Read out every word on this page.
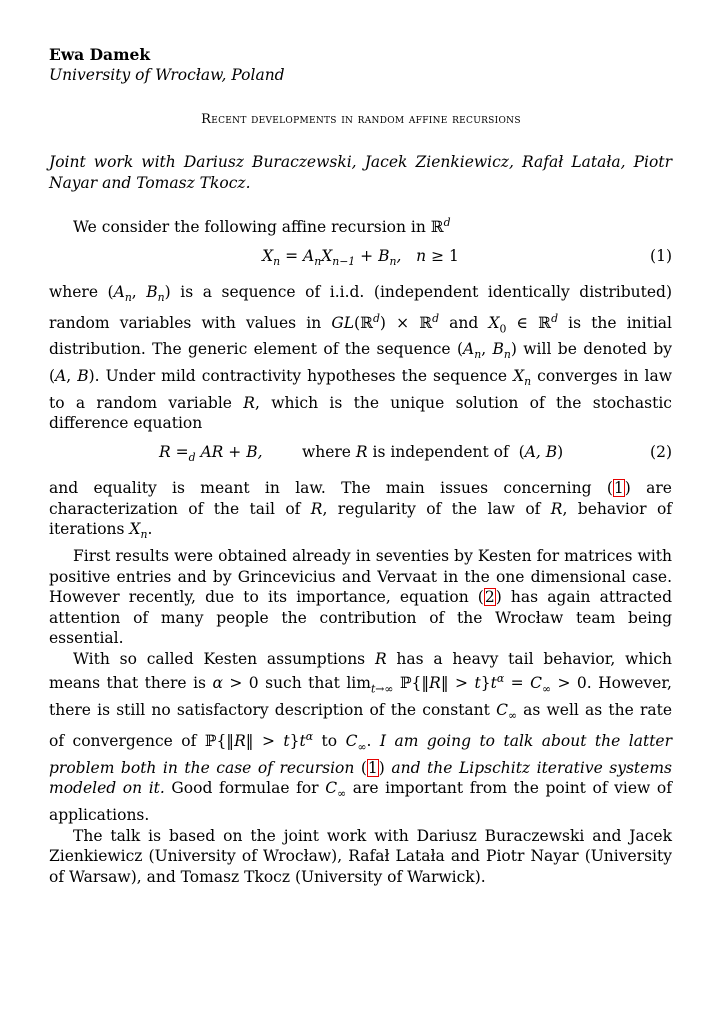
Ewa Damek
University of Wrocław, Poland
Recent developments in random affine recursions

Joint work with Dariusz Buraczewski, Jacek Zienkiewicz, Rafał Latała, Piotr Nayar and Tomasz Tkocz.

We consider the following affine recursion in ℝ$^d$

$X_n = A_nX_{n-1} + B_n$,   n ≥ 1	(1)

where ($A_n$, $B_n$) is a sequence of i.i.d. (independent identically distributed) random variables with values in GL(ℝ$^d$) × ℝ$^d$ and $X_0$ ∈ ℝ$^d$ is the initial distribution. The generic element of the sequence ($A_n$, $B_n$) will be denoted by (A, B). Under mild contractivity hypotheses the sequence $X_n$ converges in law to a random variable R, which is the unique solution of the stochastic difference equation

$R =_d$ AR + B,        where R is independent of (A, B)	(2)

and equality is meant in law. The main issues concerning (1) are characterization of the tail of R, regularity of the law of R, behavior of iterations $X_n$.

First results were obtained already in seventies by Kesten for matrices with positive entries and by Grincevicius and Vervaat in the one dimensional case. However recently, due to its importance, equation (2) has again attracted attention of many people the contribution of the Wrocław team being essential.

With so called Kesten assumptions R has a heavy tail behavior, which means that there is α > 0 such that $\lim_{t\to\infty}$ ℙ{‖R‖ > $t\}t^\alpha = C_\infty > 0$. However, there is still no satisfactory description of the constant $C_\infty$ as well as the rate of convergence of ℙ{‖R‖ > $t\}t^\alpha$ to $C_\infty$. I am going to talk about the latter problem both in the case of recursion (1) and the Lipschitz iterative systems modeled on it. Good formulae for $C_\infty$ are important from the point of view of applications.

The talk is based on the joint work with Dariusz Buraczewski and Jacek Zienkiewicz (University of Wrocław), Rafał Latała and Piotr Nayar (University of Warsaw), and Tomasz Tkocz (University of Warwick).
